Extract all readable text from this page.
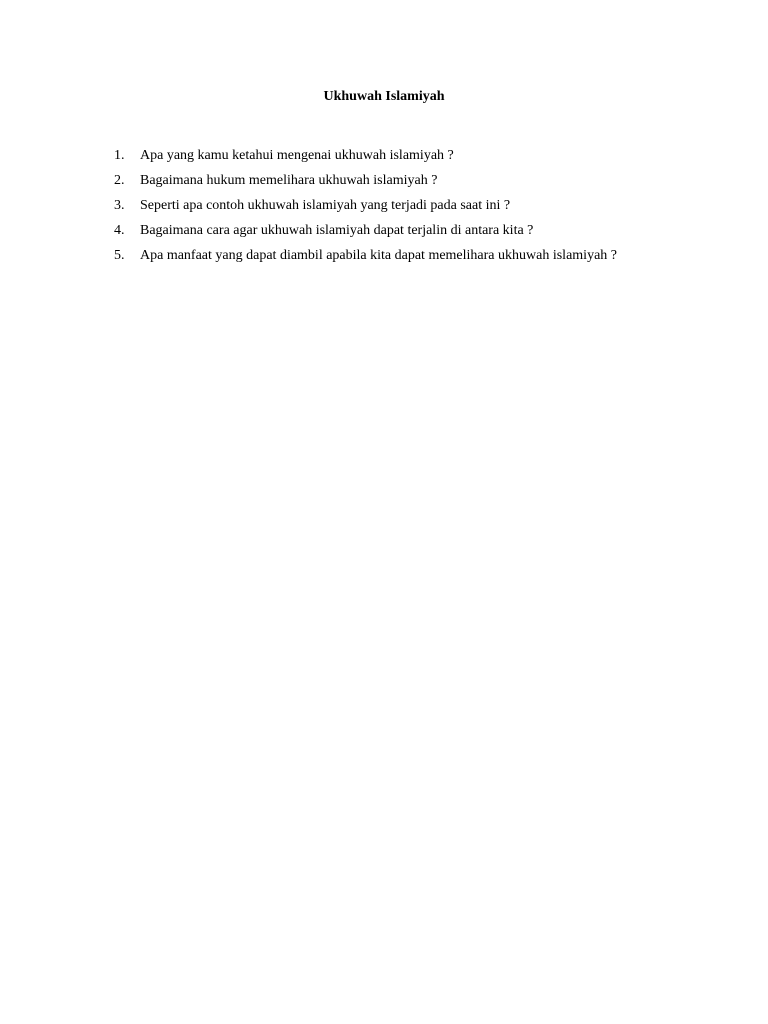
Ukhuwah Islamiyah
1.	Apa yang kamu ketahui mengenai ukhuwah islamiyah ?
2.	Bagaimana hukum memelihara ukhuwah islamiyah ?
3.	Seperti apa contoh ukhuwah islamiyah yang terjadi pada saat ini ?
4.	Bagaimana cara agar ukhuwah islamiyah dapat terjalin di antara kita ?
5.	Apa manfaat yang dapat diambil apabila kita dapat memelihara ukhuwah islamiyah ?
